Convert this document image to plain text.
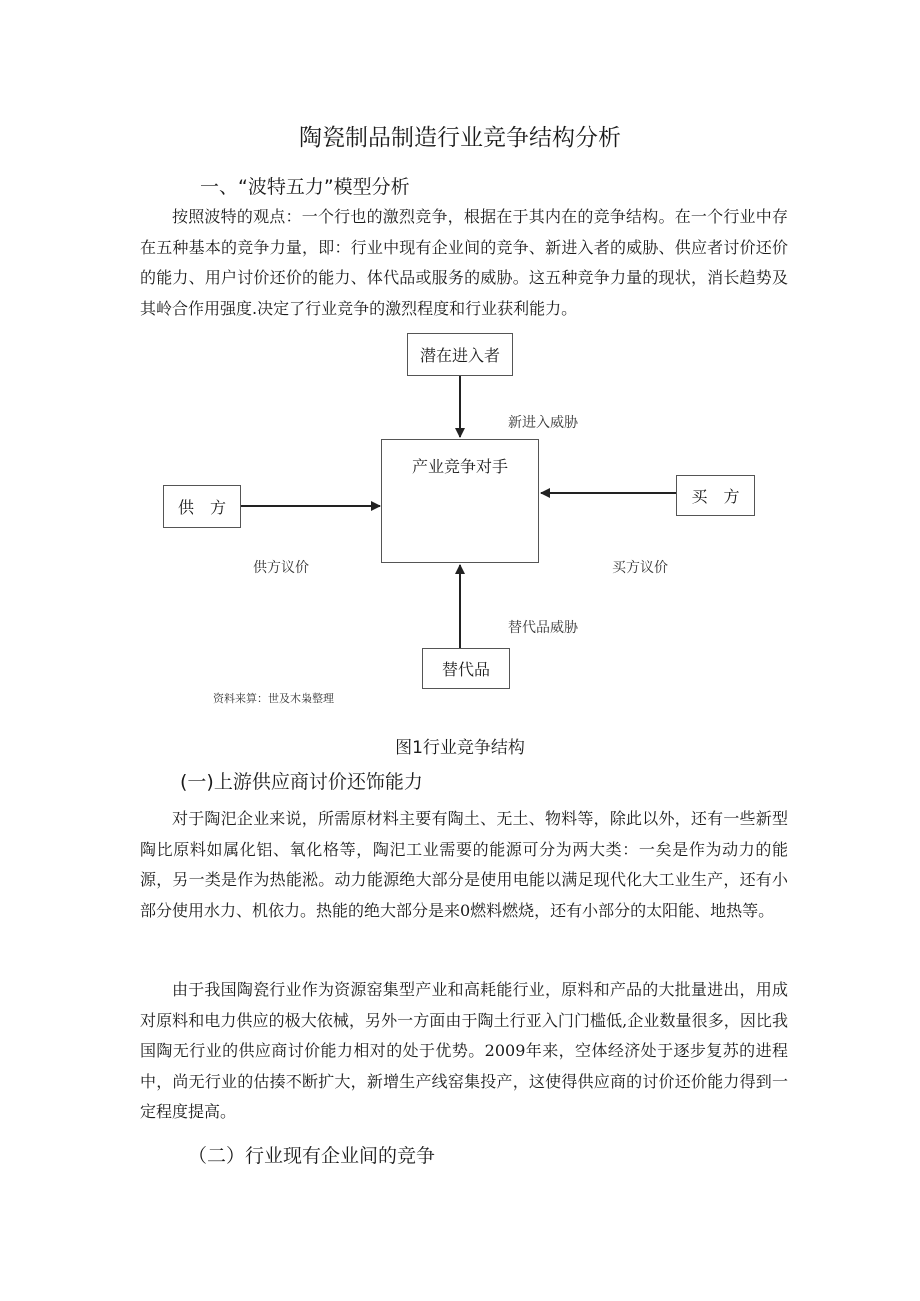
陶瓷制品制造行业竞争结构分析
一、“波特五力”模型分析

按照波特的观点：一个行也的激烈竞争，根据在于其内在的竞争结构。在一个行业中存在五种基本的竞争力量，即：行业中现有企业间的竞争、新进入者的威胁、供应者讨价还价的能力、用户讨价还价的能力、体代品或服务的威胁。这五种竞争力量的现状，消长趋势及其岭合作用强度.决定了行业竞争的激烈程度和行业获利能力。

潜在进入者
新进入威胁
产业竞争对手
供　方
买　方
供方议价	买方议价
替代品威胁
替代品
资料来算：世及木枭整理
图1行业竞争结构
(一)上游供应商讨价还饰能力

对于陶汜企业来说，所需原材料主要有陶土、无土、物料等，除此以外，还有一些新型陶比原料如属化铝、氧化格等，陶汜工业需要的能源可分为两大类：一矣是作为动力的能源，另一类是作为热能淞。动力能源绝大部分是使用电能以满足现代化大工业生产，还有小部分使用水力、机依力。热能的绝大部分是来0燃料燃烧，还有小部分的太阳能、地热等。

由于我国陶瓷行业作为资源窑集型产业和高耗能行业，原料和产品的大批量进出，用成对原料和电力供应的极大依械，另外一方面由于陶土行亚入门门槛低,企业数量很多，因比我国陶无行业的供应商讨价能力相对的处于优势。2009年来，空体经济处于逐步复苏的进程中，尚无行业的估揍不断扩大，新增生产线窑集投产，这使得供应商的讨价还价能力得到一定程度提高。

（二）行业现有企业间的竞争
